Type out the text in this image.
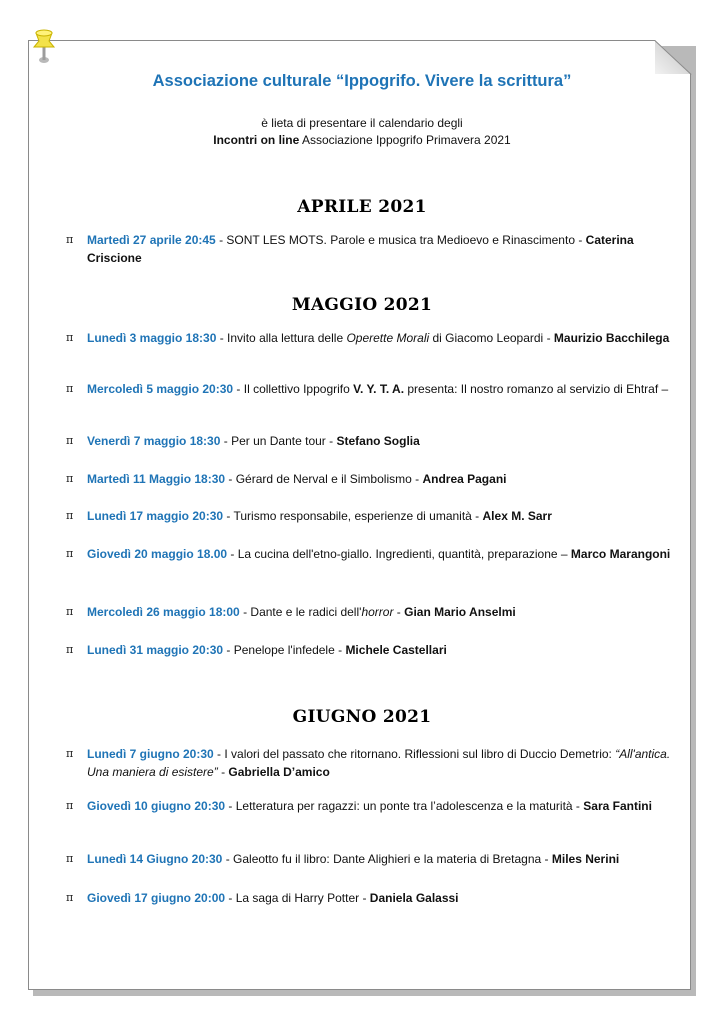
Associazione culturale “Ippogrifo. Vivere la scrittura”
è lieta di presentare il calendario degli
Incontri on line Associazione Ippogrifo Primavera 2021
APRILE 2021
π	Martedì 27 aprile 20:45 - SONT LES MOTS. Parole e musica tra Medioevo e Rinascimento - Caterina Criscione
MAGGIO 2021
π	Lunedì 3 maggio 18:30 - Invito alla lettura delle Operette Morali di Giacomo Leopardi - Maurizio Bacchilega
π	Mercoledì 5 maggio 20:30 - Il collettivo Ippogrifo V. Y. T. A. presenta: Il nostro romanzo al servizio di Ehtraf –
π	Venerdì 7 maggio 18:30 - Per un Dante tour - Stefano Soglia
π	Martedì 11 Maggio 18:30 - Gérard de Nerval e il Simbolismo - Andrea Pagani
π	Lunedì 17 maggio 20:30 - Turismo responsabile, esperienze di umanità - Alex M. Sarr
π	Giovedì 20 maggio 18.00 - La cucina dell'etno-giallo. Ingredienti, quantità, preparazione – Marco Marangoni
π	Mercoledì 26 maggio 18:00 - Dante e le radici dell'horror - Gian Mario Anselmi
π	Lunedì 31 maggio 20:30 - Penelope l'infedele - Michele Castellari
GIUGNO 2021
π	Lunedì 7 giugno 20:30 - I valori del passato che ritornano. Riflessioni sul libro di Duccio Demetrio: “All'antica. Una maniera di esistere” - Gabriella D’amico
π	Giovedì 10 giugno 20:30 - Letteratura per ragazzi: un ponte tra l’adolescenza e la maturità - Sara Fantini
π	Lunedì 14 Giugno 20:30 - Galeotto fu il libro: Dante Alighieri e la materia di Bretagna - Miles Nerini
π	Giovedì 17 giugno 20:00 - La saga di Harry Potter - Daniela Galassi
